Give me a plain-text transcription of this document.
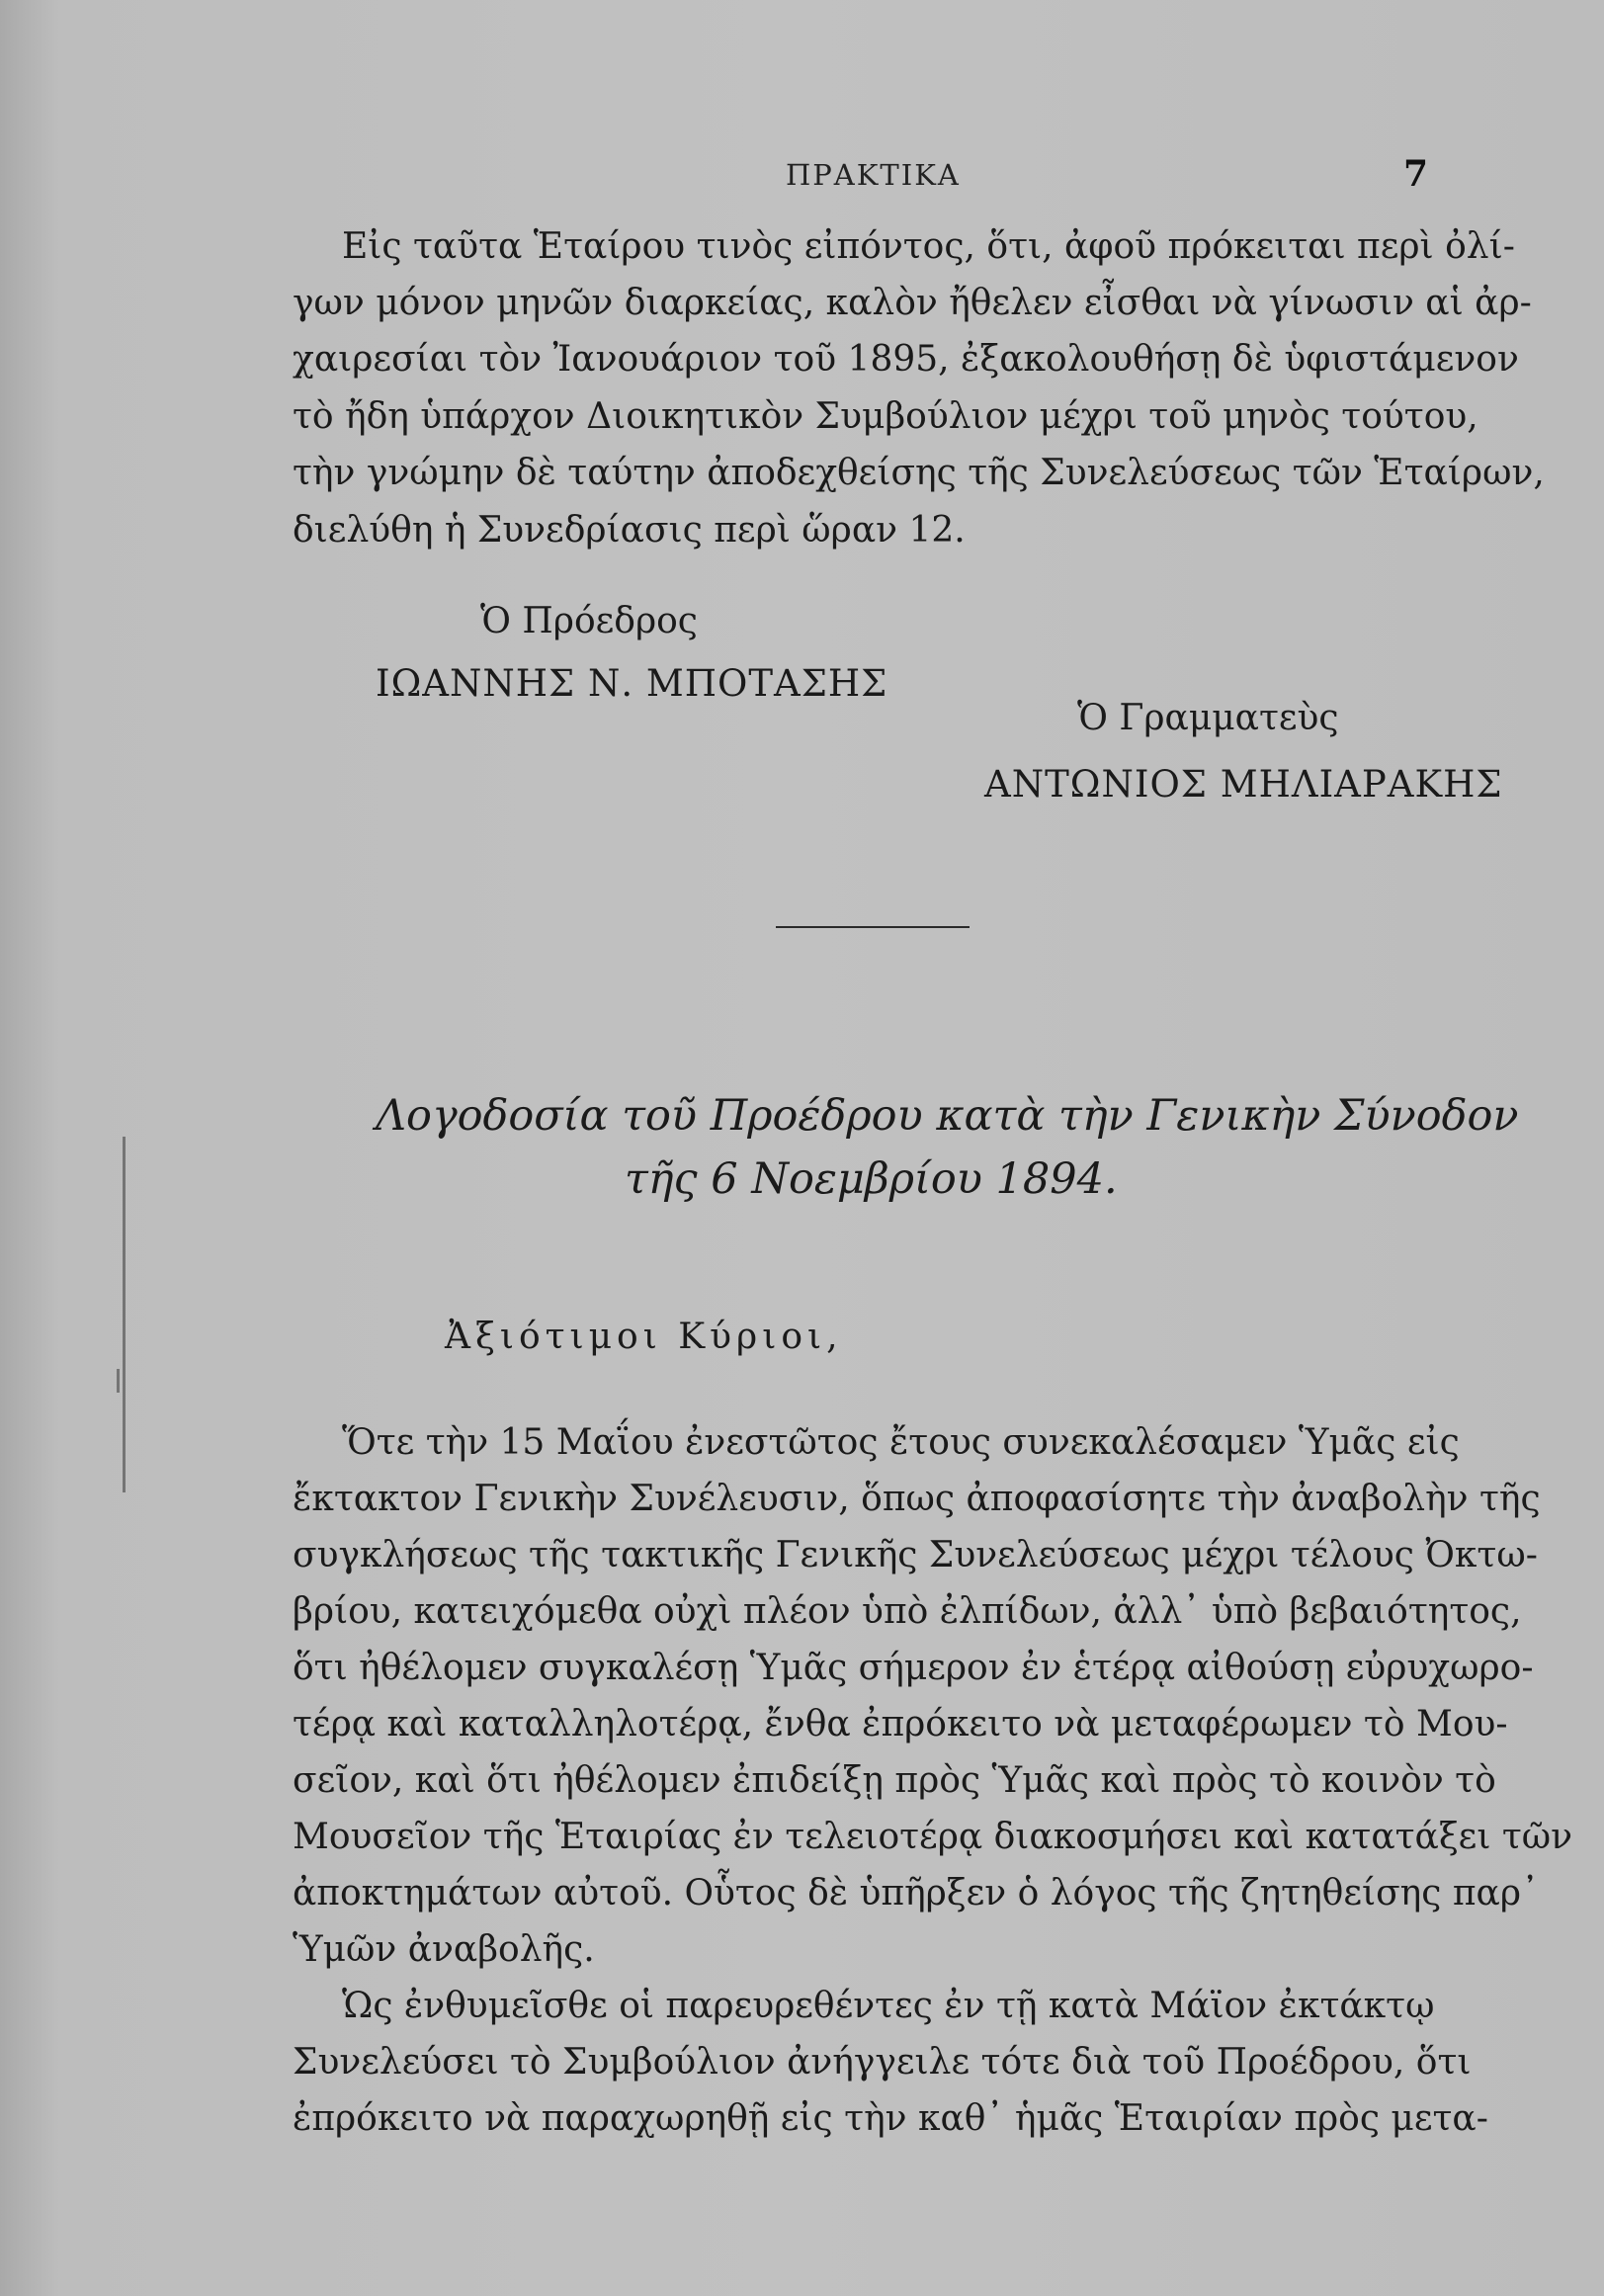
ΠΡΑΚΤΙΚΑ	7
Εἰς ταῦτα Ἑταίρου τινὸς εἰπόντος, ὅτι, ἀφοῦ πρόκειται περὶ ὀλί-
γων μόνον μηνῶν διαρκείας, καλὸν ἤθελεν εἶσθαι νὰ γίνωσιν αἱ ἀρ-
χαιρεσίαι τὸν Ἰανουάριον τοῦ 1895, ἐξακολουθήσῃ δὲ ὑφιστάμενον
τὸ ἤδη ὑπάρχον Διοικητικὸν Συμβούλιον μέχρι τοῦ μηνὸς τούτου,
τὴν γνώμην δὲ ταύτην ἀποδεχθείσης τῆς Συνελεύσεως τῶν Ἑταίρων,
διελύθη ἡ Συνεδρίασις περὶ ὥραν 12.
Ὁ Πρόεδρος
ΙΩΑΝΝΗΣ Ν. ΜΠΟΤΑΣΗΣ
Ὁ Γραμματεὺς
ΑΝΤΩΝΙΟΣ ΜΗΛΙΑΡΑΚΗΣ
Λογοδοσία τοῦ Προέδρου κατὰ τὴν Γενικὴν Σύνοδον
τῆς 6 Νοεμβρίου 1894.
Ἀξιότιμοι Κύριοι,
Ὅτε τὴν 15 Μαΐου ἐνεστῶτος ἔτους συνεκαλέσαμεν Ὑμᾶς εἰς
ἔκτακτον Γενικὴν Συνέλευσιν, ὅπως ἀποφασίσητε τὴν ἀναβολὴν τῆς
συγκλήσεως τῆς τακτικῆς Γενικῆς Συνελεύσεως μέχρι τέλους Ὀκτω-
βρίου, κατειχόμεθα οὐχὶ πλέον ὑπὸ ἐλπίδων, ἀλλ᾽ ὑπὸ βεβαιότητος,
ὅτι ἠθέλομεν συγκαλέσῃ Ὑμᾶς σήμερον ἐν ἑτέρᾳ αἰθούσῃ εὐρυχωρο-
τέρᾳ καὶ καταλληλοτέρᾳ, ἔνθα ἐπρόκειτο νὰ μεταφέρωμεν τὸ Μου-
σεῖον, καὶ ὅτι ἠθέλομεν ἐπιδείξῃ πρὸς Ὑμᾶς καὶ πρὸς τὸ κοινὸν τὸ
Μουσεῖον τῆς Ἑταιρίας ἐν τελειοτέρᾳ διακοσμήσει καὶ κατατάξει τῶν
ἀποκτημάτων αὐτοῦ. Οὗτος δὲ ὑπῆρξεν ὁ λόγος τῆς ζητηθείσης παρ᾽
Ὑμῶν ἀναβολῆς.
Ὡς ἐνθυμεῖσθε οἱ παρευρεθέντες ἐν τῇ κατὰ Μάϊον ἐκτάκτῳ
Συνελεύσει τὸ Συμβούλιον ἀνήγγειλε τότε διὰ τοῦ Προέδρου, ὅτι
ἐπρόκειτο νὰ παραχωρηθῇ εἰς τὴν καθ᾽ ἡμᾶς Ἑταιρίαν πρὸς μετα-
